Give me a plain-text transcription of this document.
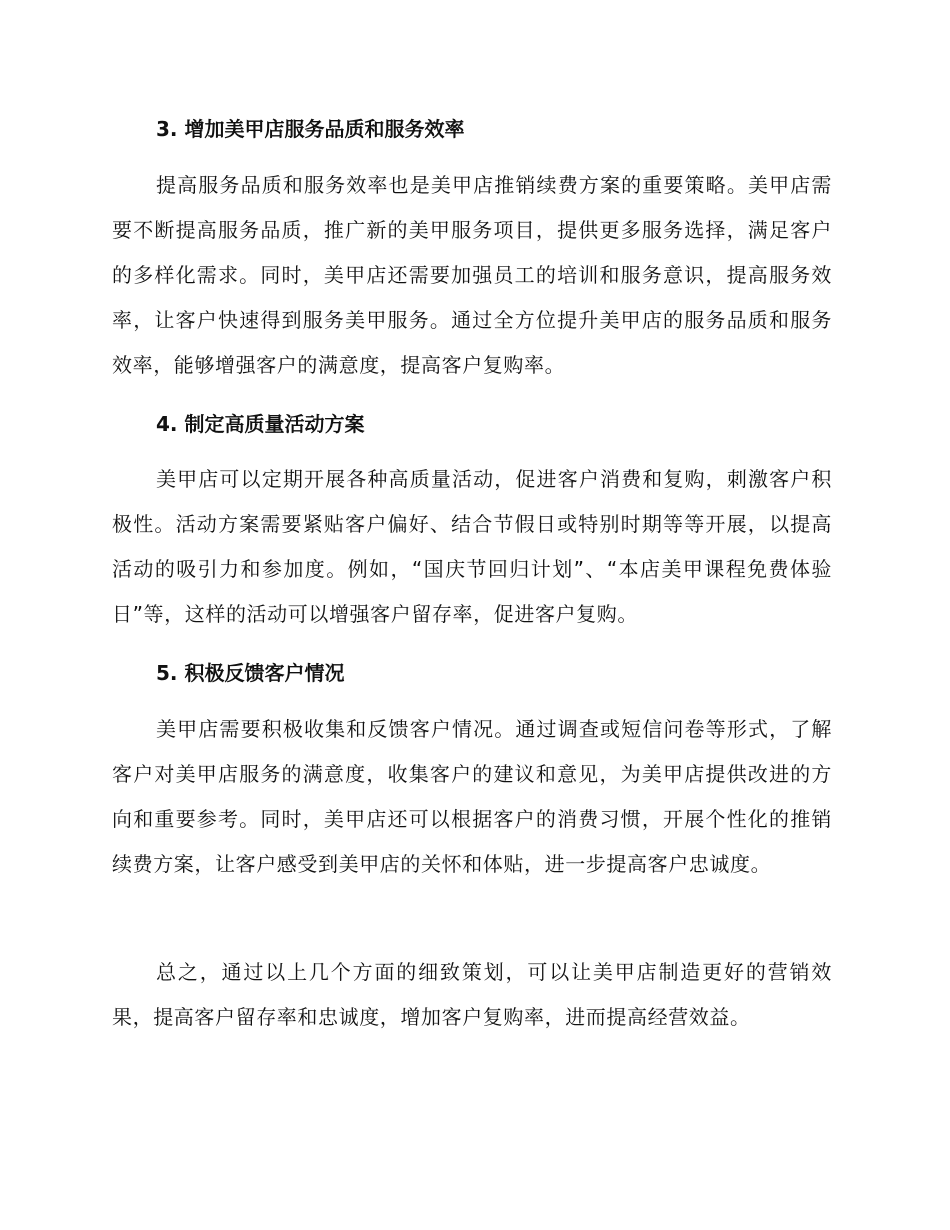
3. 增加美甲店服务品质和服务效率

提高服务品质和服务效率也是美甲店推销续费方案的重要策略。美甲店需要不断提高服务品质，推广新的美甲服务项目，提供更多服务选择，满足客户的多样化需求。同时，美甲店还需要加强员工的培训和服务意识，提高服务效率，让客户快速得到服务美甲服务。通过全方位提升美甲店的服务品质和服务效率，能够增强客户的满意度，提高客户复购率。

4. 制定高质量活动方案

美甲店可以定期开展各种高质量活动，促进客户消费和复购，刺激客户积极性。活动方案需要紧贴客户偏好、结合节假日或特别时期等等开展，以提高活动的吸引力和参加度。例如，“国庆节回归计划”、“本店美甲课程免费体验日”等，这样的活动可以增强客户留存率，促进客户复购。

5. 积极反馈客户情况

美甲店需要积极收集和反馈客户情况。通过调查或短信问卷等形式，了解客户对美甲店服务的满意度，收集客户的建议和意见，为美甲店提供改进的方向和重要参考。同时，美甲店还可以根据客户的消费习惯，开展个性化的推销续费方案，让客户感受到美甲店的关怀和体贴，进一步提高客户忠诚度。

总之，通过以上几个方面的细致策划，可以让美甲店制造更好的营销效果，提高客户留存率和忠诚度，增加客户复购率，进而提高经营效益。
